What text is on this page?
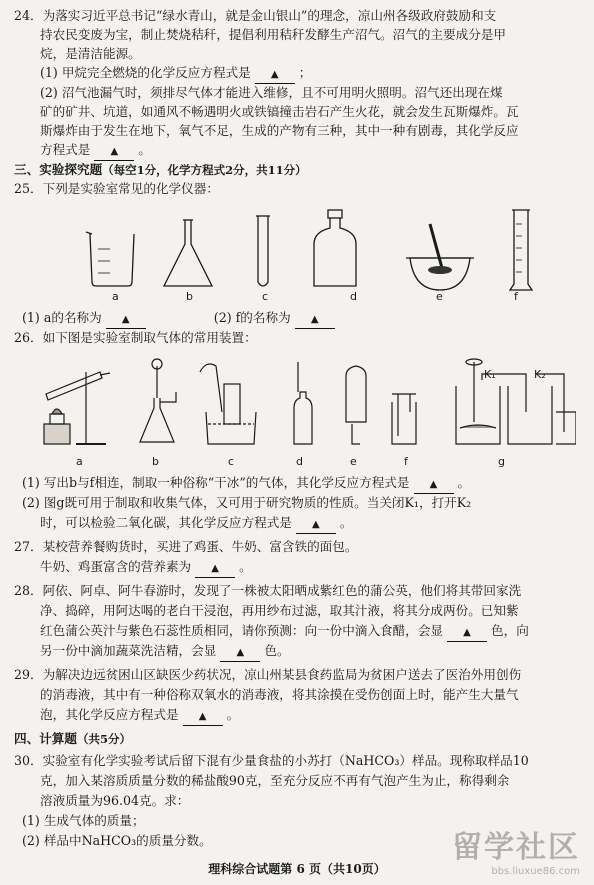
24．为落实习近平总书记“绿水青山，就是金山银山”的理念，凉山州各级政府鼓励和支
持农民变废为宝，制止焚烧秸秆，提倡利用秸秆发酵生产沼气。沼气的主要成分是甲
烷，是清洁能源。
(1) 甲烷完全燃烧的化学反应方程式是 ▲ ；
(2) 沼气池漏气时，须排尽气体才能进入维修，且不可用明火照明。沼气还出现在煤
矿的矿井、坑道，如通风不畅遇明火或铁镐撞击岩石产生火花，就会发生瓦斯爆炸。瓦
斯爆炸由于发生在地下，氧气不足，生成的产物有三种，其中一种有剧毒，其化学反应
方程式是 ▲ 。
三、实验探究题（每空1分，化学方程式2分，共11分）
25．下列是实验室常见的化学仪器：
a	b	c	d	e	f
(1) a的名称为 ▲	(2) f的名称为 ▲
26．如下图是实验室制取气体的常用装置：
a	b	c	d	e	f	g
K₁	K₂
(1) 写出b与f相连，制取一种俗称“干冰”的气体，其化学反应方程式是 ▲ 。
(2) 图g既可用于制取和收集气体，又可用于研究物质的性质。当关闭K₁，打开K₂
时，可以检验二氧化碳，其化学反应方程式是 ▲ 。
27．某校营养餐购货时，买进了鸡蛋、牛奶、富含铁的面包。
牛奶、鸡蛋富含的营养素为 ▲ 。
28．阿依、阿卓、阿牛春游时，发现了一株被太阳晒成紫红色的蒲公英，他们将其带回家洗
净、捣碎，用阿达喝的老白干浸泡，再用纱布过滤，取其汁液，将其分成两份。已知紫
红色蒲公英汁与紫色石蕊性质相同，请你预测：向一份中滴入食醋，会显 ▲ 色，向
另一份中滴加蔬菜洗洁精，会显 ▲ 色。
29．为解决边远贫困山区缺医少药状况，凉山州某县食药监局为贫困户送去了医治外用创伤
的消毒液，其中有一种俗称双氧水的消毒液，将其涂摸在受伤创面上时，能产生大量气
泡，其化学反应方程式是 ▲ 。
四、计算题（共5分）
30．实验室有化学实验考试后留下混有少量食盐的小苏打（NaHCO₃）样品。现称取样品10
克，加入某溶质质量分数的稀盐酸90克，至充分反应不再有气泡产生为止，称得剩余
溶液质量为96.04克。求：
(1) 生成气体的质量；
(2) 样品中NaHCO₃的质量分数。	留学社区
bbs.liuxue86.com
理科综合试题第 6 页（共10页）
